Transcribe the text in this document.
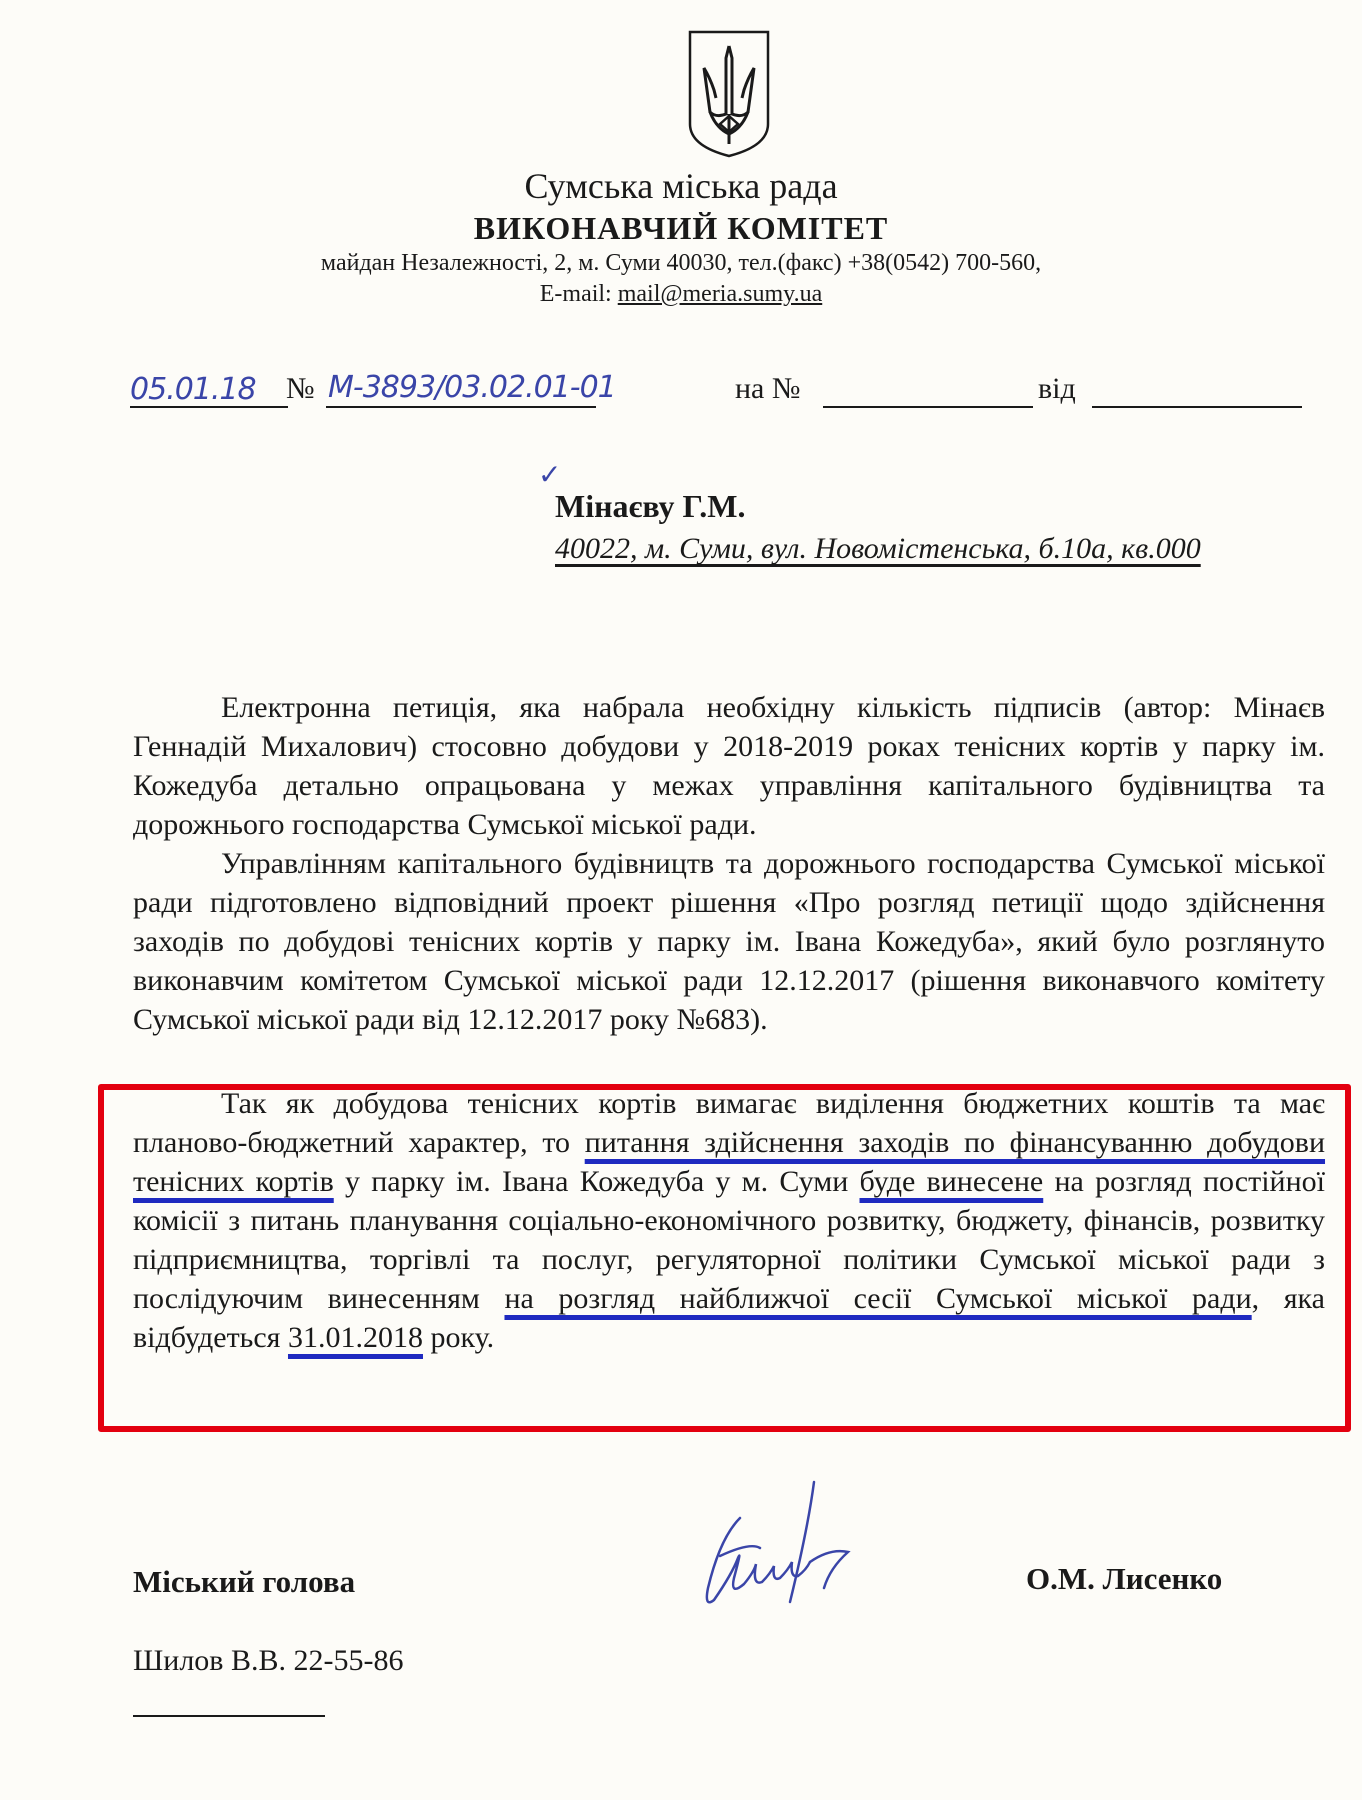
Сумська міська рада
ВИКОНАВЧИЙ КОМІТЕТ
майдан Незалежності, 2, м. Суми 40030, тел.(факс) +38(0542) 700-560,
E-mail: mail@meria.sumy.ua
05.01.18 № М-3893/03.02.01-01	на №	від
✓
Мінаєву Г.М.
40022, м. Суми, вул. Новомістенська, б.10а, кв.000

Електронна петиція, яка набрала необхідну кількість підписів (автор: Мінаєв Геннадій Михалович) стосовно добудови у 2018-2019 роках тенісних кортів у парку ім. Кожедуба детально опрацьована у межах управління капітального будівництва та дорожнього господарства Сумської міської ради.

Управлінням капітального будівництв та дорожнього господарства Сумської міської ради підготовлено відповідний проект рішення «Про розгляд петиції щодо здійснення заходів по добудові тенісних кортів у парку ім. Івана Кожедуба», який було розглянуто виконавчим комітетом Сумської міської ради 12.12.2017 (рішення виконавчого комітету Сумської міської ради від 12.12.2017 року №683).

Так як добудова тенісних кортів вимагає виділення бюджетних коштів та має планово-бюджетний характер, то питання здійснення заходів по фінансуванню добудови тенісних кортів у парку ім. Івана Кожедуба у м. Суми буде винесене на розгляд постійної комісії з питань планування соціально-економічного розвитку, бюджету, фінансів, розвитку підприємництва, торгівлі та послуг, регуляторної політики Сумської міської ради з послідуючим винесенням на розгляд найближчої сесії Сумської міської ради, яка відбудеться 31.01.2018 року.

Міський голова	О.М. Лисенко
Шилов В.В. 22-55-86
